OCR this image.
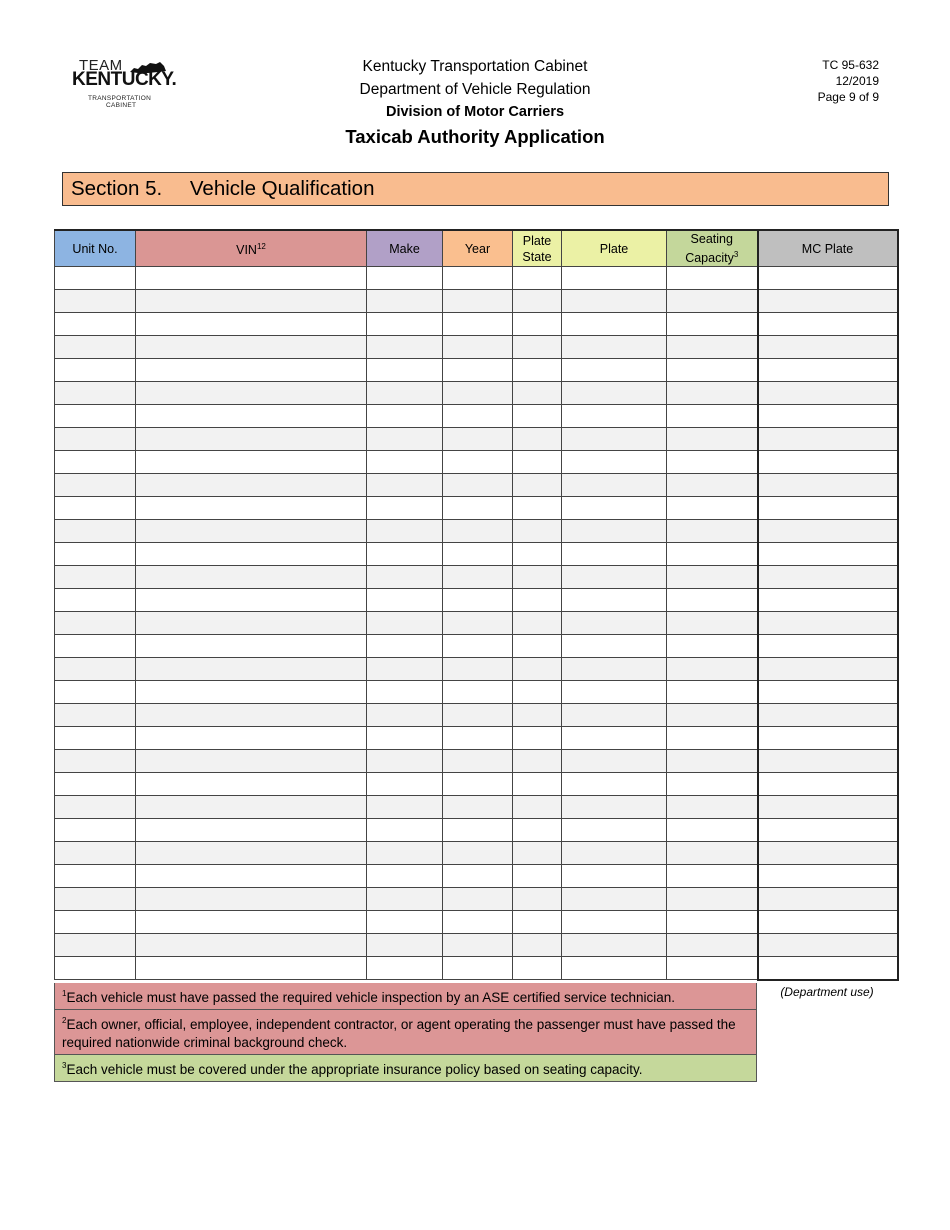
TEAM
KENTUCKY.
TRANSPORTATION
CABINET
Kentucky Transportation Cabinet
Department of Vehicle Regulation
Division of Motor Carriers
Taxicab Authority Application
TC 95-632
12/2019
Page 9 of 9
Section 5. Vehicle Qualification
Unit No.	VIN$^{12}$	Make	Year	Plate State	Plate	Seating Capacity$^3$	MC Plate

$^1$Each vehicle must have passed the required vehicle inspection by an ASE certified service technician.
$^2$Each owner, official, employee, independent contractor, or agent operating the passenger must have passed the required nationwide criminal background check.
$^3$Each vehicle must be covered under the appropriate insurance policy based on seating capacity.
(Department use)
